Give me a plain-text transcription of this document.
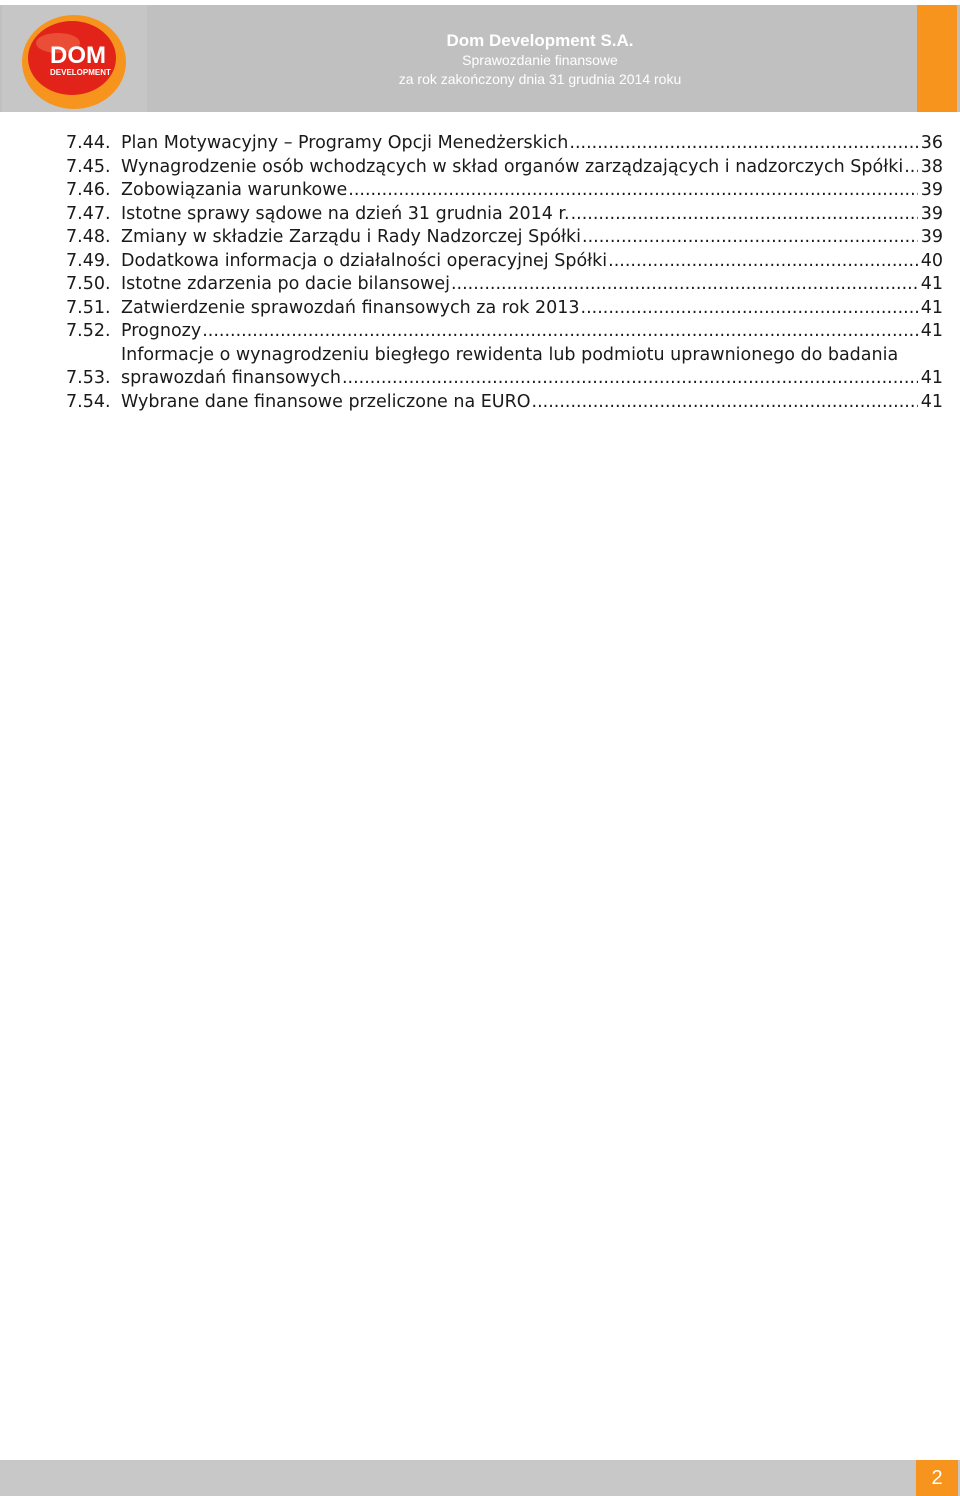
DOM
DEVELOPMENT
Dom Development S.A.
Sprawozdanie finansowe
za rok zakończony dnia 31 grudnia 2014 roku
7.44. Plan Motywacyjny – Programy Opcji Menedżerskich .....	36
7.45. Wynagrodzenie osób wchodzących w skład organów zarządzających i nadzorczych Spółki ..... 38
7.46. Zobowiązania warunkowe .....	39
7.47. Istotne sprawy sądowe na dzień 31 grudnia 2014 r. .....	39
7.48. Zmiany w składzie Zarządu i Rady Nadzorczej Spółki .....	39
7.49. Dodatkowa informacja o działalności operacyjnej Spółki .....	40
7.50. Istotne zdarzenia po dacie bilansowej .....	41
7.51. Zatwierdzenie sprawozdań finansowych za rok 2013 .....	41
7.52. Prognozy .....	41
7.53.
Informacje o wynagrodzeniu biegłego rewidenta lub podmiotu uprawnionego do badania
sprawozdań finansowych .....	41
7.54. Wybrane dane finansowe przeliczone na EURO .....	41
2
